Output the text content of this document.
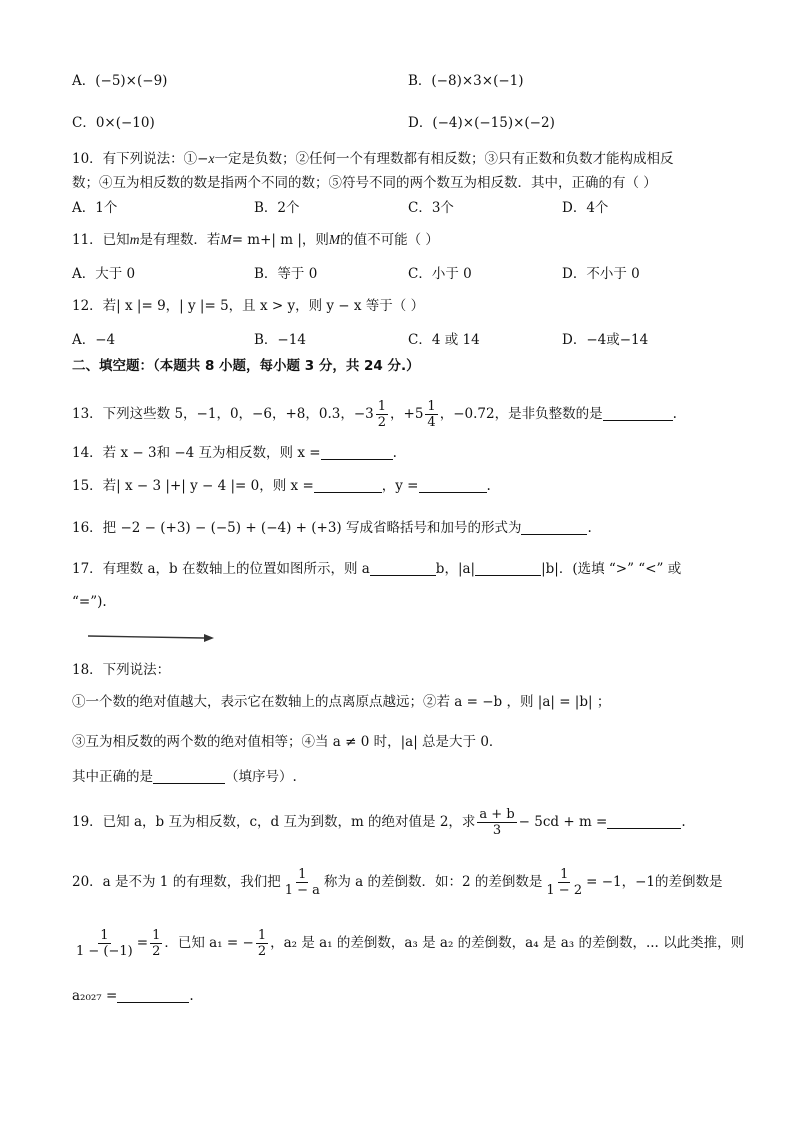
A．(−5)×(−9)	B．(−8)×3×(−1)
C．0×(−10)	D．(−4)×(−15)×(−2)
10．有下列说法：①−x一定是负数；②任何一个有理数都有相反数；③只有正数和负数才能构成相反
数；④互为相反数的数是指两个不同的数；⑤符号不同的两个数互为相反数．其中，正确的有（ ）
A．1个	B．2个	C．3个	D．4个
11．已知m是有理数．若M= m+| m |，则M的值不可能（ ）
A．大于 0	B．等于 0	C．小于 0	D．不小于 0
12．若| x |= 9，| y |= 5，且 x > y，则 y − x 等于（ ）
A．−4	B．−14	C．4 或 14	D．−4或−14
二、填空题：（本题共 8 小题，每小题 3 分，共 24 分.）
13．下列这些数 5，−1，0，−6，+8，0.3，$-3 \frac{1}{2}$ ，$+5 \frac{1}{4}$ ，−0.72，是非负整数的是	.
14．若 x − 3和 −4 互为相反数，则 x =	.
15．若| x − 3 |+| y − 4 |= 0，则 x =	，y =	.
16．把 −2 − (+3) − (−5) + (−4) + (+3) 写成省略括号和加号的形式为	.
17．有理数 a，b 在数轴上的位置如图所示，则 a	b，|a|	|b|．(选填 “>” “<” 或
“=”).
18．下列说法：
①一个数的绝对值越大，表示它在数轴上的点离原点越远；②若 a = −b ，则 |a| = |b| ；
③互为相反数的两个数的绝对值相等；④当 a ≠ 0 时，|a| 总是大于 0．
其中正确的是	（填序号）.
19．已知 a，b 互为相反数，c，d 互为到数，m 的绝对值是 2，求 $\frac{a + b}{3} - 5cd + m$ =	.
20．a 是不为 1 的有理数，我们把 $\frac{1}{1 - a}$ 称为 a 的差倒数．如：2 的差倒数是 $\frac{1}{1 - 2} = -1$，−1的差倒数是
$\frac{1}{1 - (-1)} = \frac{1}{2}$ ．已知 a₁ = − $\frac{1}{2}$ ，a₂ 是 a₁ 的差倒数，a₃ 是 a₂ 的差倒数，a₄ 是 a₃ 的差倒数，... 以此类推，则
a₂₀₂₇ =	.
